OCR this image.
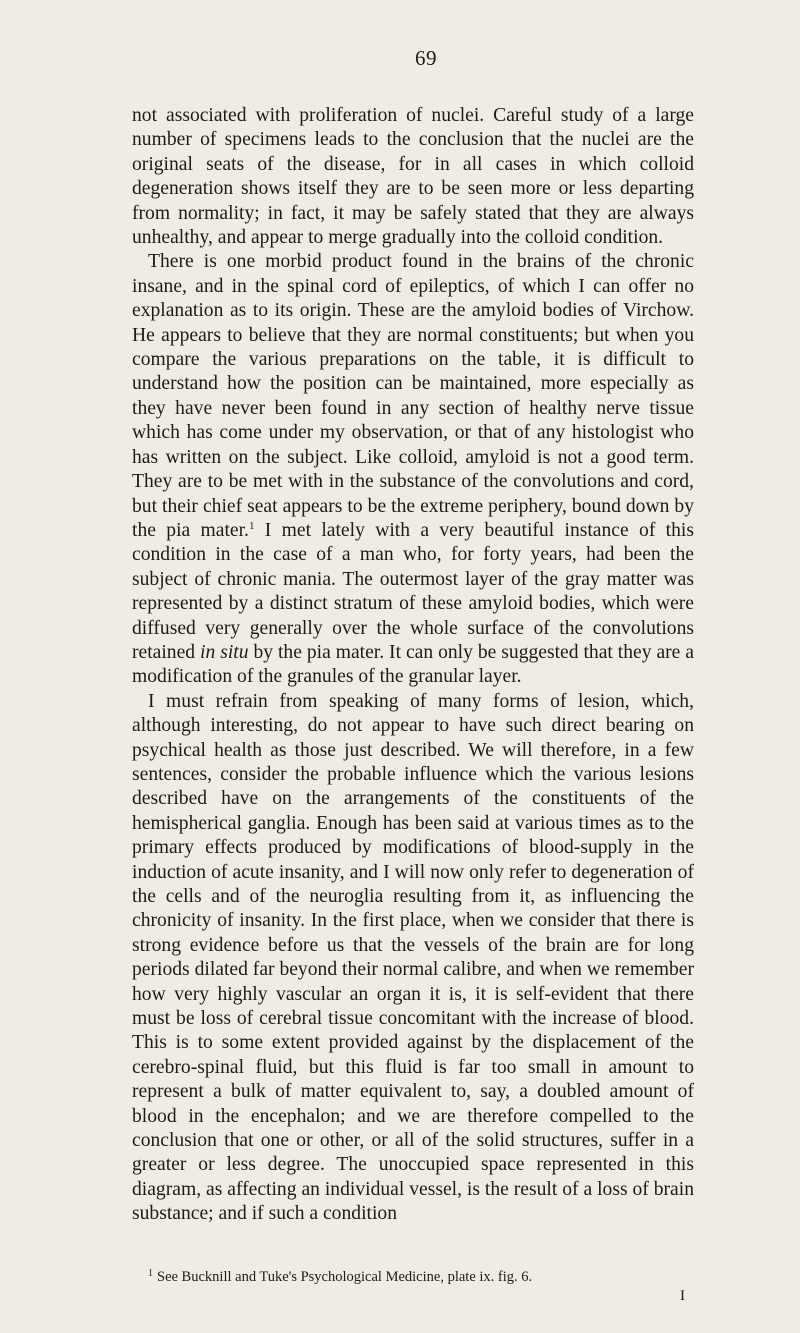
69

not associated with proliferation of nuclei. Careful study of a large number of specimens leads to the conclusion that the nuclei are the original seats of the disease, for in all cases in which colloid degeneration shows itself they are to be seen more or less departing from normality; in fact, it may be safely stated that they are always unhealthy, and appear to merge gradually into the colloid condition.

There is one morbid product found in the brains of the chronic insane, and in the spinal cord of epileptics, of which I can offer no explanation as to its origin. These are the amyloid bodies of Virchow. He appears to believe that they are normal constituents; but when you compare the various preparations on the table, it is difficult to understand how the position can be maintained, more especially as they have never been found in any section of healthy nerve tissue which has come under my observation, or that of any histologist who has written on the subject. Like colloid, amyloid is not a good term. They are to be met with in the substance of the convolutions and cord, but their chief seat appears to be the extreme periphery, bound down by the pia mater.$^1$ I met lately with a very beautiful instance of this condition in the case of a man who, for forty years, had been the subject of chronic mania. The outermost layer of the gray matter was represented by a distinct stratum of these amyloid bodies, which were diffused very generally over the whole surface of the convolutions retained in situ by the pia mater. It can only be suggested that they are a modification of the granules of the granular layer.

I must refrain from speaking of many forms of lesion, which, although interesting, do not appear to have such direct bearing on psychical health as those just described. We will therefore, in a few sentences, consider the probable influence which the various lesions described have on the arrangements of the constituents of the hemispherical ganglia. Enough has been said at various times as to the primary effects produced by modifications of blood-supply in the induction of acute insanity, and I will now only refer to degeneration of the cells and of the neuroglia resulting from it, as influencing the chronicity of insanity. In the first place, when we consider that there is strong evidence before us that the vessels of the brain are for long periods dilated far beyond their normal calibre, and when we remember how very highly vascular an organ it is, it is self-evident that there must be loss of cerebral tissue concomitant with the increase of blood. This is to some extent provided against by the displacement of the cerebro-spinal fluid, but this fluid is far too small in amount to represent a bulk of matter equivalent to, say, a doubled amount of blood in the encephalon; and we are therefore compelled to the conclusion that one or other, or all of the solid structures, suffer in a greater or less degree. The unoccupied space represented in this diagram, as affecting an individual vessel, is the result of a loss of brain substance; and if such a condition

$^1$ See Bucknill and Tuke's Psychological Medicine, plate ix. fig. 6.
I
